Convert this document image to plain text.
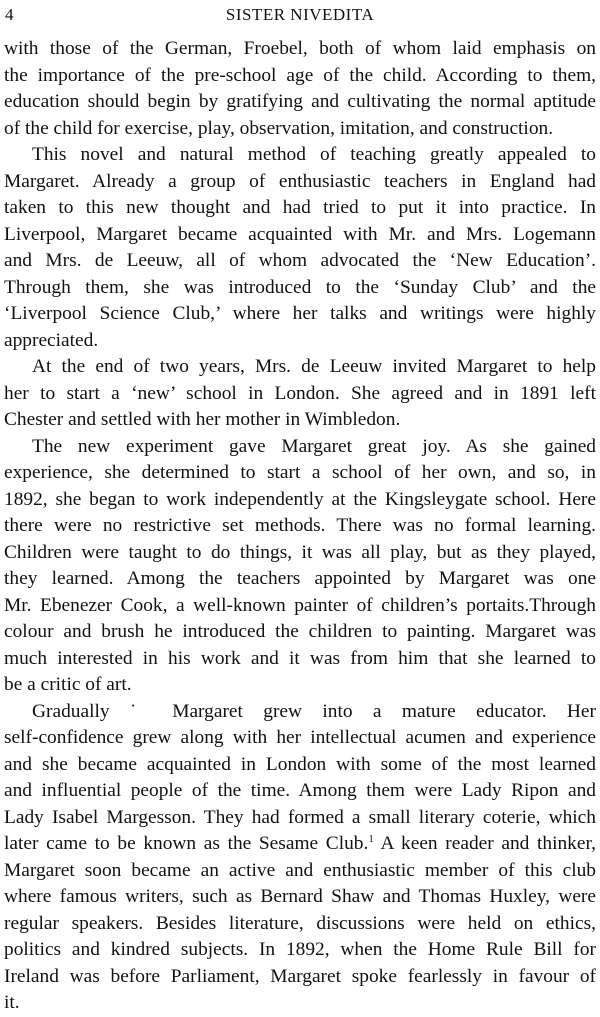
4	SISTER NIVEDITA
with those of the German, Froebel, both of whom laid emphasis on
the importance of the pre-school age of the child. According to them,
education should begin by gratifying and cultivating the normal aptitude
of the child for exercise, play, observation, imitation, and construction.
This novel and natural method of teaching greatly appealed to
Margaret. Already a group of enthusiastic teachers in England had
taken to this new thought and had tried to put it into practice. In
Liverpool, Margaret became acquainted with Mr. and Mrs. Logemann
and Mrs. de Leeuw, all of whom advocated the ‘New Education’.
Through them, she was introduced to the ‘Sunday Club’ and the
‘Liverpool Science Club,’ where her talks and writings were highly
appreciated.
At the end of two years, Mrs. de Leeuw invited Margaret to help
her to start a ‘new’ school in London. She agreed and in 1891 left
Chester and settled with her mother in Wimbledon.
The new experiment gave Margaret great joy. As she gained
experience, she determined to start a school of her own, and so, in
1892, she began to work independently at the Kingsleygate school. Here
there were no restrictive set methods. There was no formal learning.
Children were taught to do things, it was all play, but as they played,
they learned. Among the teachers appointed by Margaret was one
Mr. Ebenezer Cook, a well-known painter of children’s portaits.Through
colour and brush he introduced the children to painting. Margaret was
much interested in his work and it was from him that she learned to
be a critic of art.
Gradually ˙ Margaret grew into a mature educator. Her
self-confidence grew along with her intellectual acumen and experience
and she became acquainted in London with some of the most learned
and influential people of the time. Among them were Lady Ripon and
Lady Isabel Margesson. They had formed a small literary coterie, which
later came to be known as the Sesame Club.$^1$ A keen reader and thinker,
Margaret soon became an active and enthusiastic member of this club
where famous writers, such as Bernard Shaw and Thomas Huxley, were
regular speakers. Besides literature, discussions were held on ethics,
politics and kindred subjects. In 1892, when the Home Rule Bill for
Ireland was before Parliament, Margaret spoke fearlessly in favour of
it.
